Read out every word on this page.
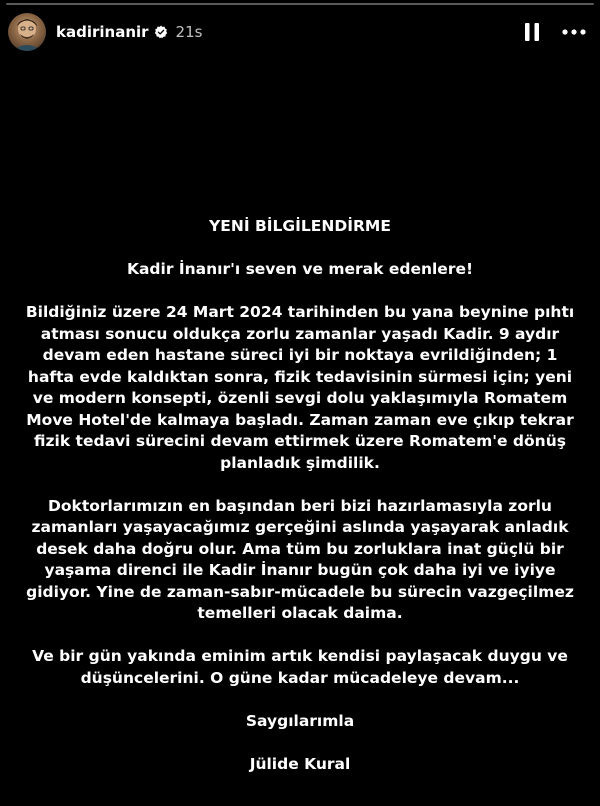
kadirinanir 21s

YENİ BİLGİLENDİRME

Kadir İnanır'ı seven ve merak edenlere!

Bildiğiniz üzere 24 Mart 2024 tarihinden bu yana beynine pıhtı atması sonucu oldukça zorlu zamanlar yaşadı Kadir. 9 aydır devam eden hastane süreci iyi bir noktaya evrildiğinden; 1 hafta evde kaldıktan sonra, fizik tedavisinin sürmesi için; yeni ve modern konsepti, özenli sevgi dolu yaklaşımıyla Romatem Move Hotel'de kalmaya başladı. Zaman zaman eve çıkıp tekrar fizik tedavi sürecini devam ettirmek üzere Romatem'e dönüş planladık şimdilik.

Doktorlarımızın en başından beri bizi hazırlamasıyla zorlu zamanları yaşayacağımız gerçeğini aslında yaşayarak anladık desek daha doğru olur. Ama tüm bu zorluklara inat güçlü bir yaşama direnci ile Kadir İnanır bugün çok daha iyi ve iyiye gidiyor. Yine de zaman-sabır-mücadele bu sürecin vazgeçilmez temelleri olacak daima.

Ve bir gün yakında eminim artık kendisi paylaşacak duygu ve düşüncelerini. O güne kadar mücadeleye devam...

Saygılarımla

Jülide Kural
